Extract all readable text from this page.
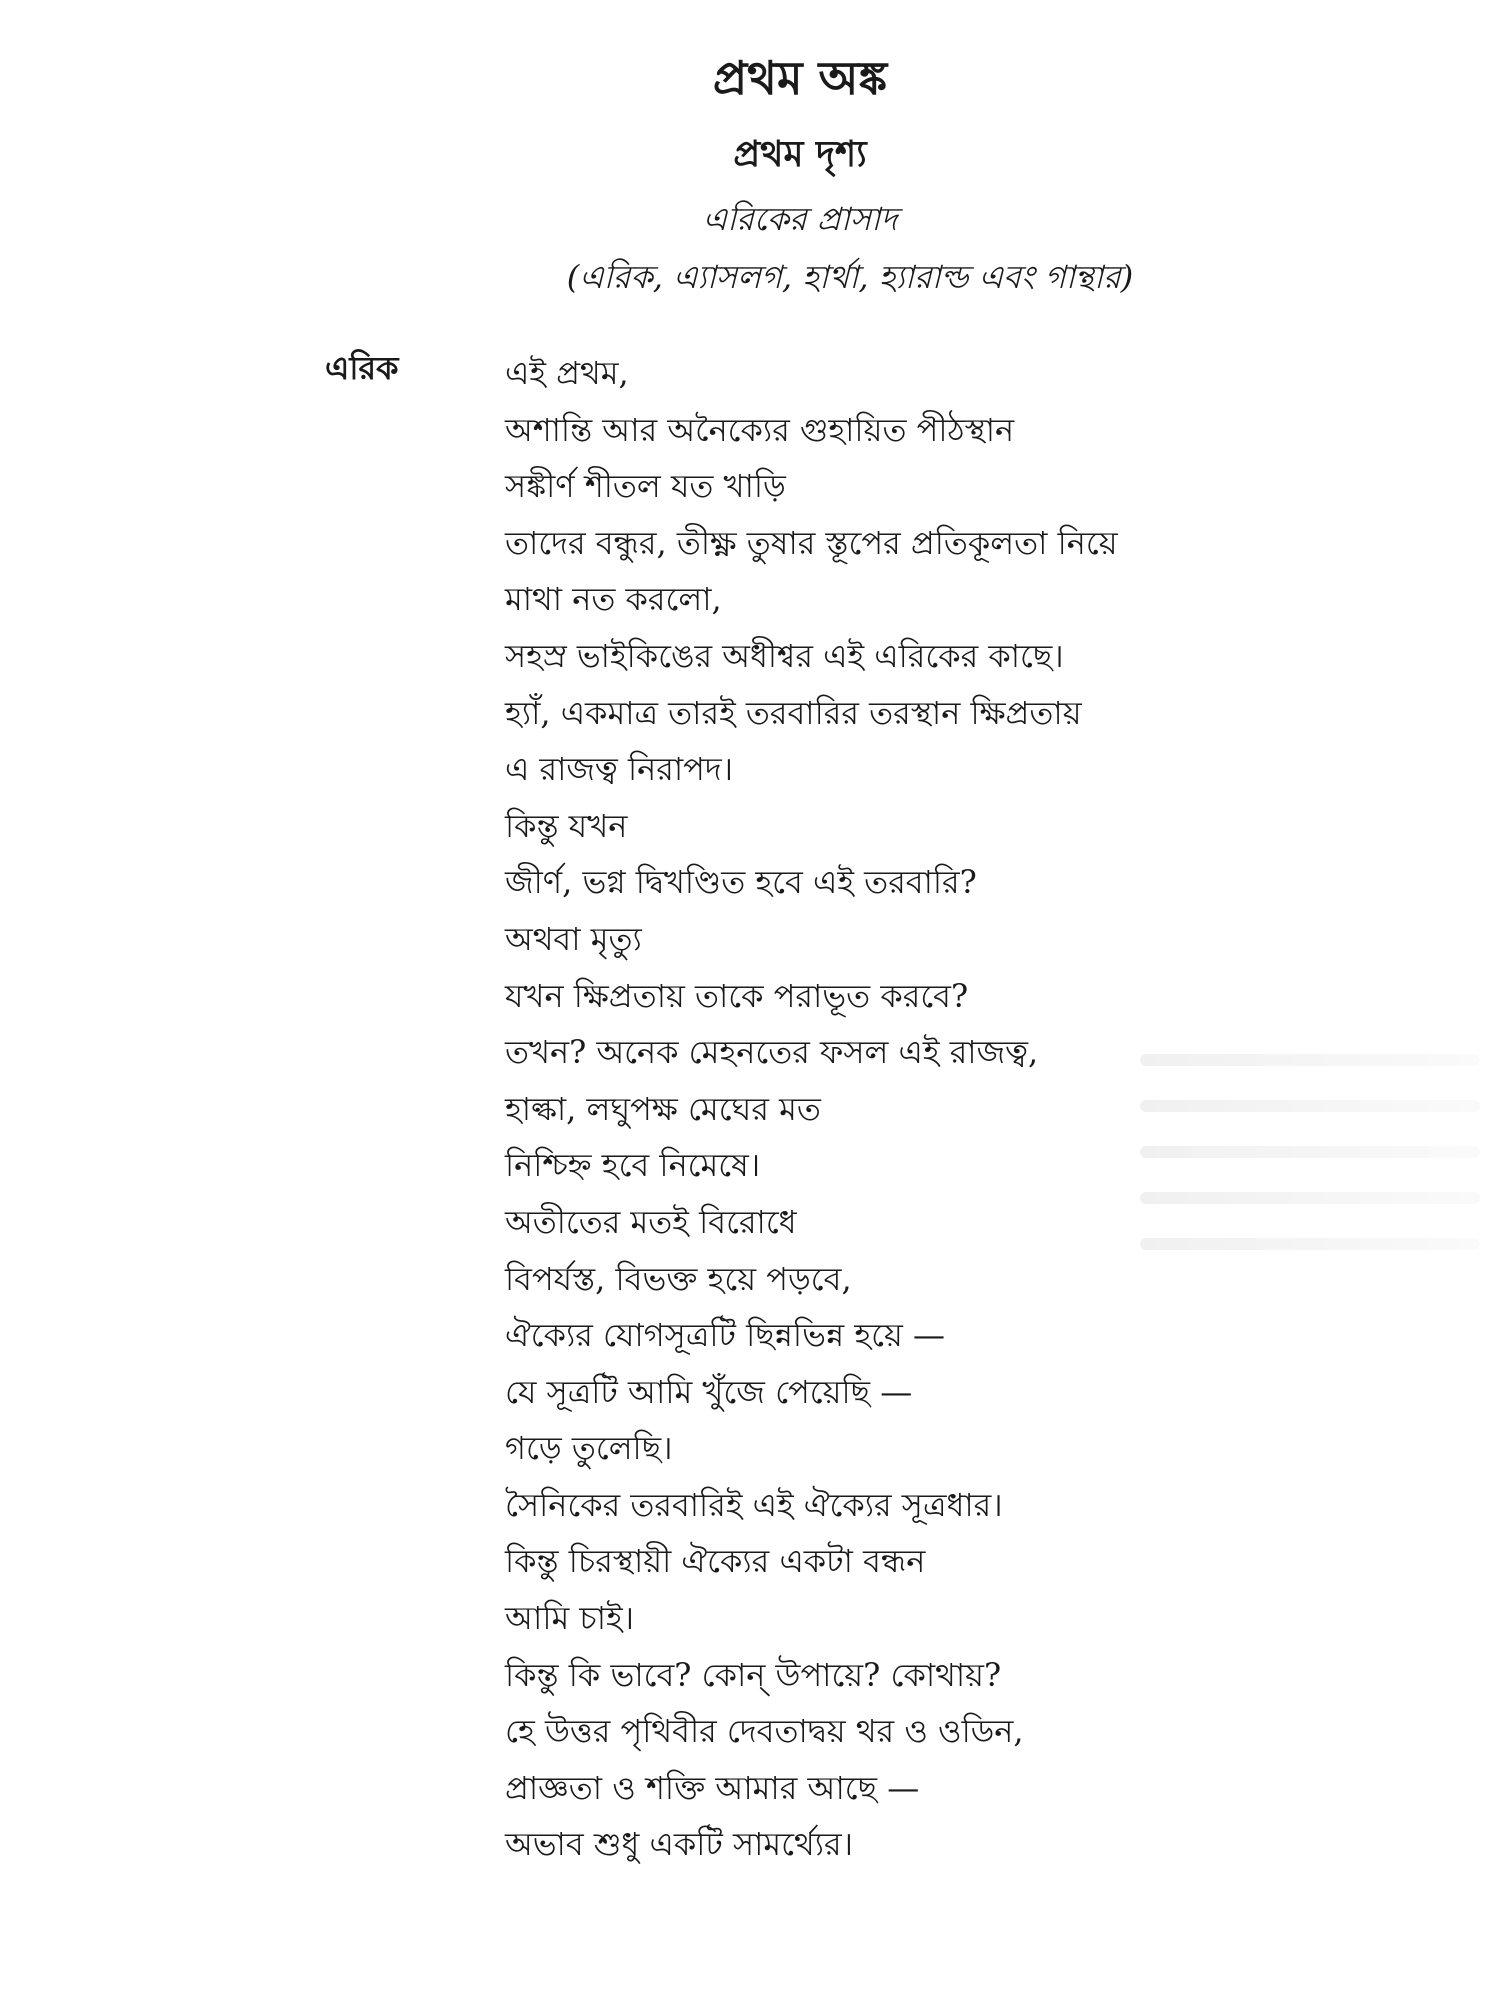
প্রথম অঙ্ক
প্রথম দৃশ্য
এরিকের প্রাসাদ
(এরিক, এ্যাসলগ, হার্থা, হ্যারাল্ড এবং গান্থার)
এরিক	এই প্রথম,
অশান্তি আর অনৈক্যের গুহায়িত পীঠস্থান
সঙ্কীর্ণ শীতল যত খাড়ি
তাদের বন্ধুর, তীক্ষ্ণ তুষার স্তূপের প্রতিকূলতা নিয়ে
মাথা নত করলো,
সহস্র ভাইকিঙের অধীশ্বর এই এরিকের কাছে।
হ্যাঁ, একমাত্র তারই তরবারির তরস্থান ক্ষিপ্রতায়
এ রাজত্ব নিরাপদ।
কিন্তু যখন
জীর্ণ, ভগ্ন দ্বিখণ্ডিত হবে এই তরবারি?
অথবা মৃত্যু
যখন ক্ষিপ্রতায় তাকে পরাভূত করবে?
তখন? অনেক মেহনতের ফসল এই রাজত্ব,
হাল্কা, লঘুপক্ষ মেঘের মত
নিশ্চিহ্ন হবে নিমেষে।
অতীতের মতই বিরোধে
বিপর্যস্ত, বিভক্ত হয়ে পড়বে,
ঐক্যের যোগসূত্রটি ছিন্নভিন্ন হয়ে —
যে সূত্রটি আমি খুঁজে পেয়েছি —
গড়ে তুলেছি।
সৈনিকের তরবারিই এই ঐক্যের সূত্রধার।
কিন্তু চিরস্থায়ী ঐক্যের একটা বন্ধন
আমি চাই।
কিন্তু কি ভাবে? কোন্ উপায়ে? কোথায়?
হে উত্তর পৃথিবীর দেবতাদ্বয় থর ও ওডিন,
প্রাজ্ঞতা ও শক্তি আমার আছে —
অভাব শুধু একটি সামর্থ্যের।
